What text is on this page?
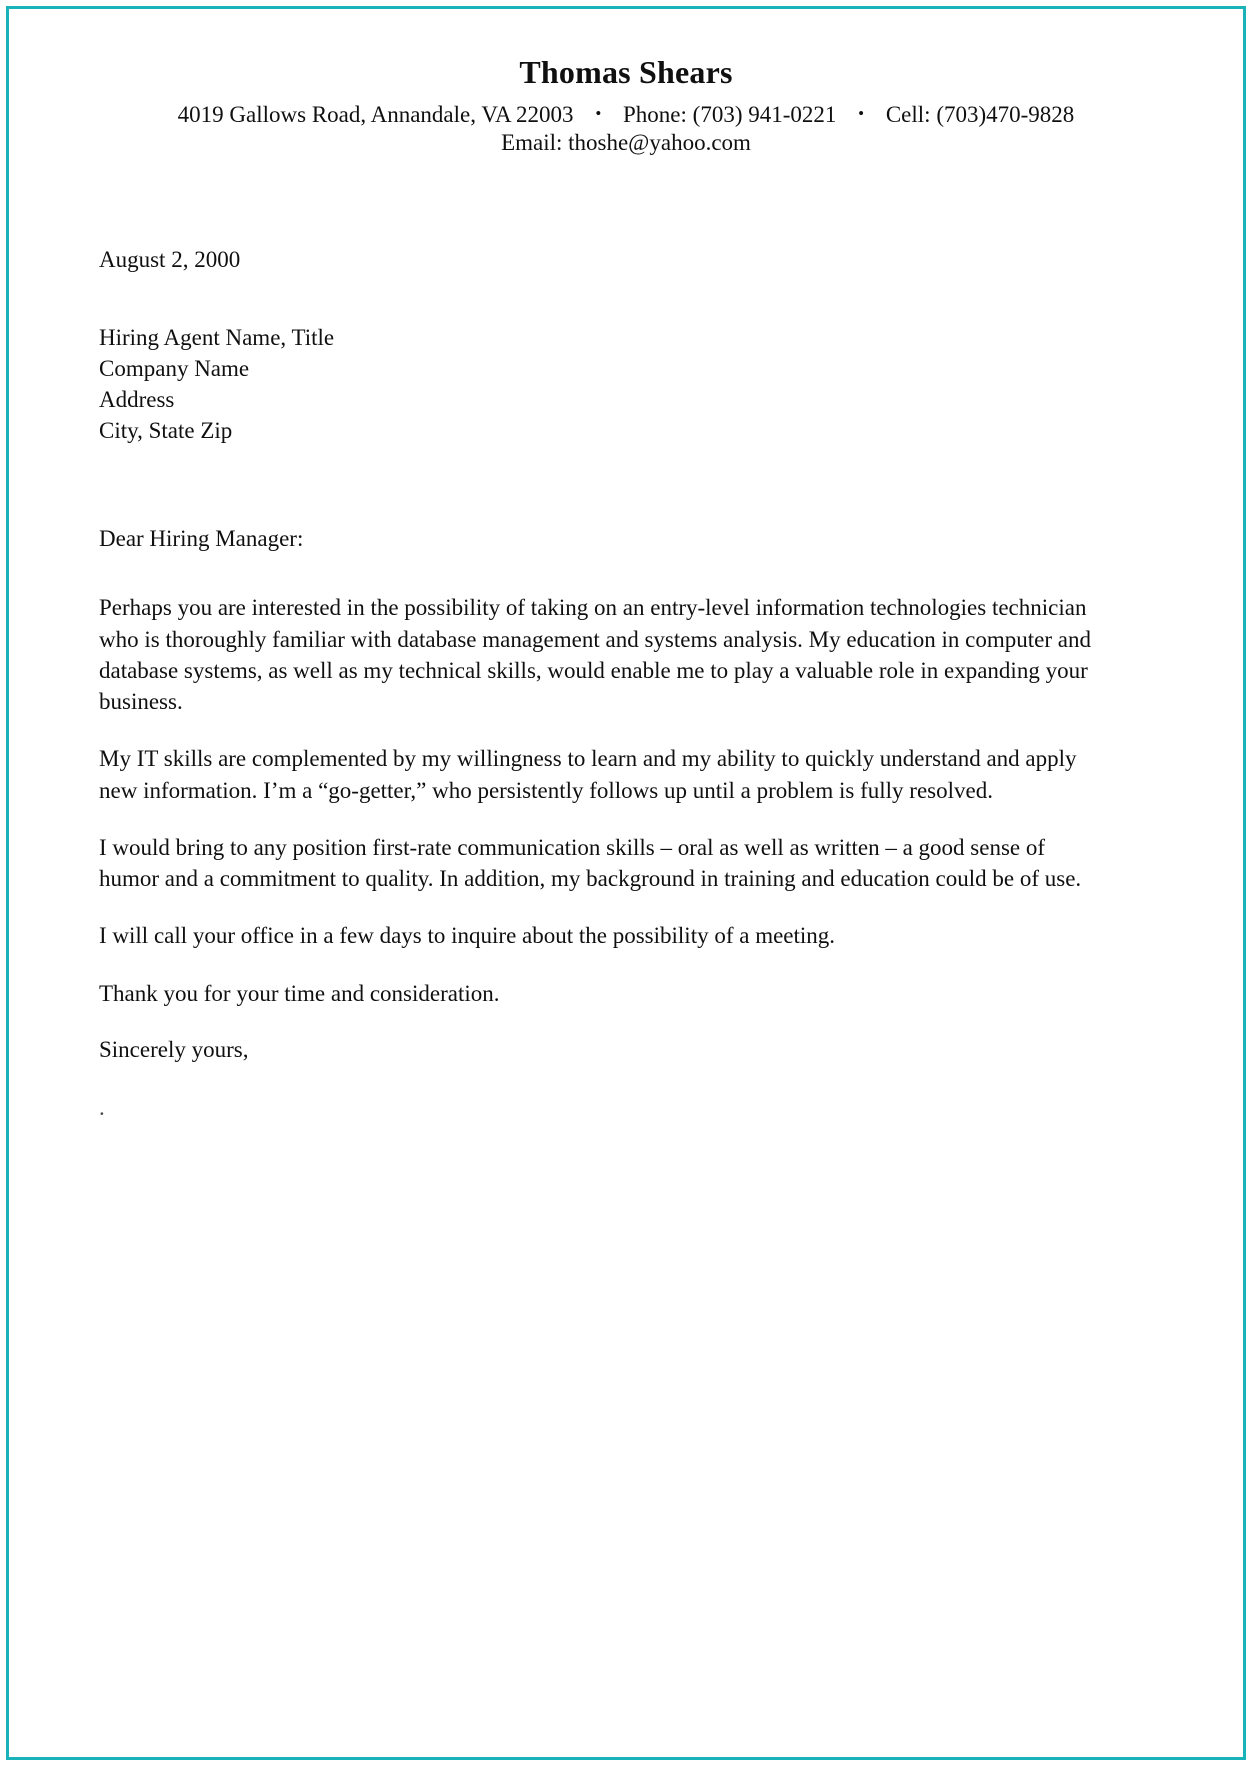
Thomas Shears
4019 Gallows Road, Annandale, VA 22003 • Phone: (703) 941-0221 • Cell: (703)470-9828
Email: thoshe@yahoo.com
August 2, 2000
Hiring Agent Name, Title
Company Name
Address
City, State Zip
Dear Hiring Manager:

Perhaps you are interested in the possibility of taking on an entry-level information technologies technician who is thoroughly familiar with database management and systems analysis. My education in computer and database systems, as well as my technical skills, would enable me to play a valuable role in expanding your business.

My IT skills are complemented by my willingness to learn and my ability to quickly understand and apply new information. I’m a “go-getter,” who persistently follows up until a problem is fully resolved.

I would bring to any position first-rate communication skills – oral as well as written – a good sense of humor and a commitment to quality. In addition, my background in training and education could be of use.

I will call your office in a few days to inquire about the possibility of a meeting.

Thank you for your time and consideration.

Sincerely yours,
.
